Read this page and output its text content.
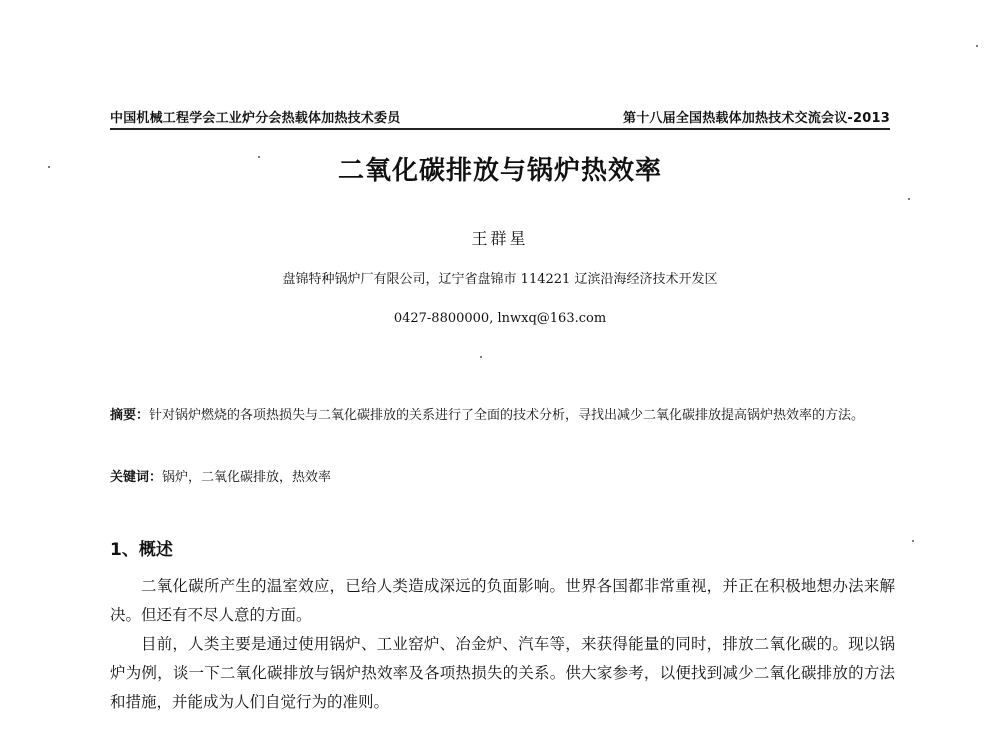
中国机械工程学会工业炉分会热载体加热技术委员	第十八届全国热载体加热技术交流会议-2013
二氧化碳排放与锅炉热效率
王群星
盘锦特种锅炉厂有限公司，辽宁省盘锦市 114221 辽滨沿海经济技术开发区
0427-8800000, lnwxq@163.com
摘要：针对锅炉燃烧的各项热损失与二氧化碳排放的关系进行了全面的技术分析，寻找出减少二氧化碳排放提高锅炉热效率的方法。
关键词：锅炉，二氧化碳排放，热效率
1、概述

二氧化碳所产生的温室效应，已给人类造成深远的负面影响。世界各国都非常重视，并正在积极地想办法来解决。但还有不尽人意的方面。

目前，人类主要是通过使用锅炉、工业窑炉、冶金炉、汽车等，来获得能量的同时，排放二氧化碳的。现以锅炉为例，谈一下二氧化碳排放与锅炉热效率及各项热损失的关系。供大家参考，以便找到减少二氧化碳排放的方法和措施，并能成为人们自觉行为的准则。
